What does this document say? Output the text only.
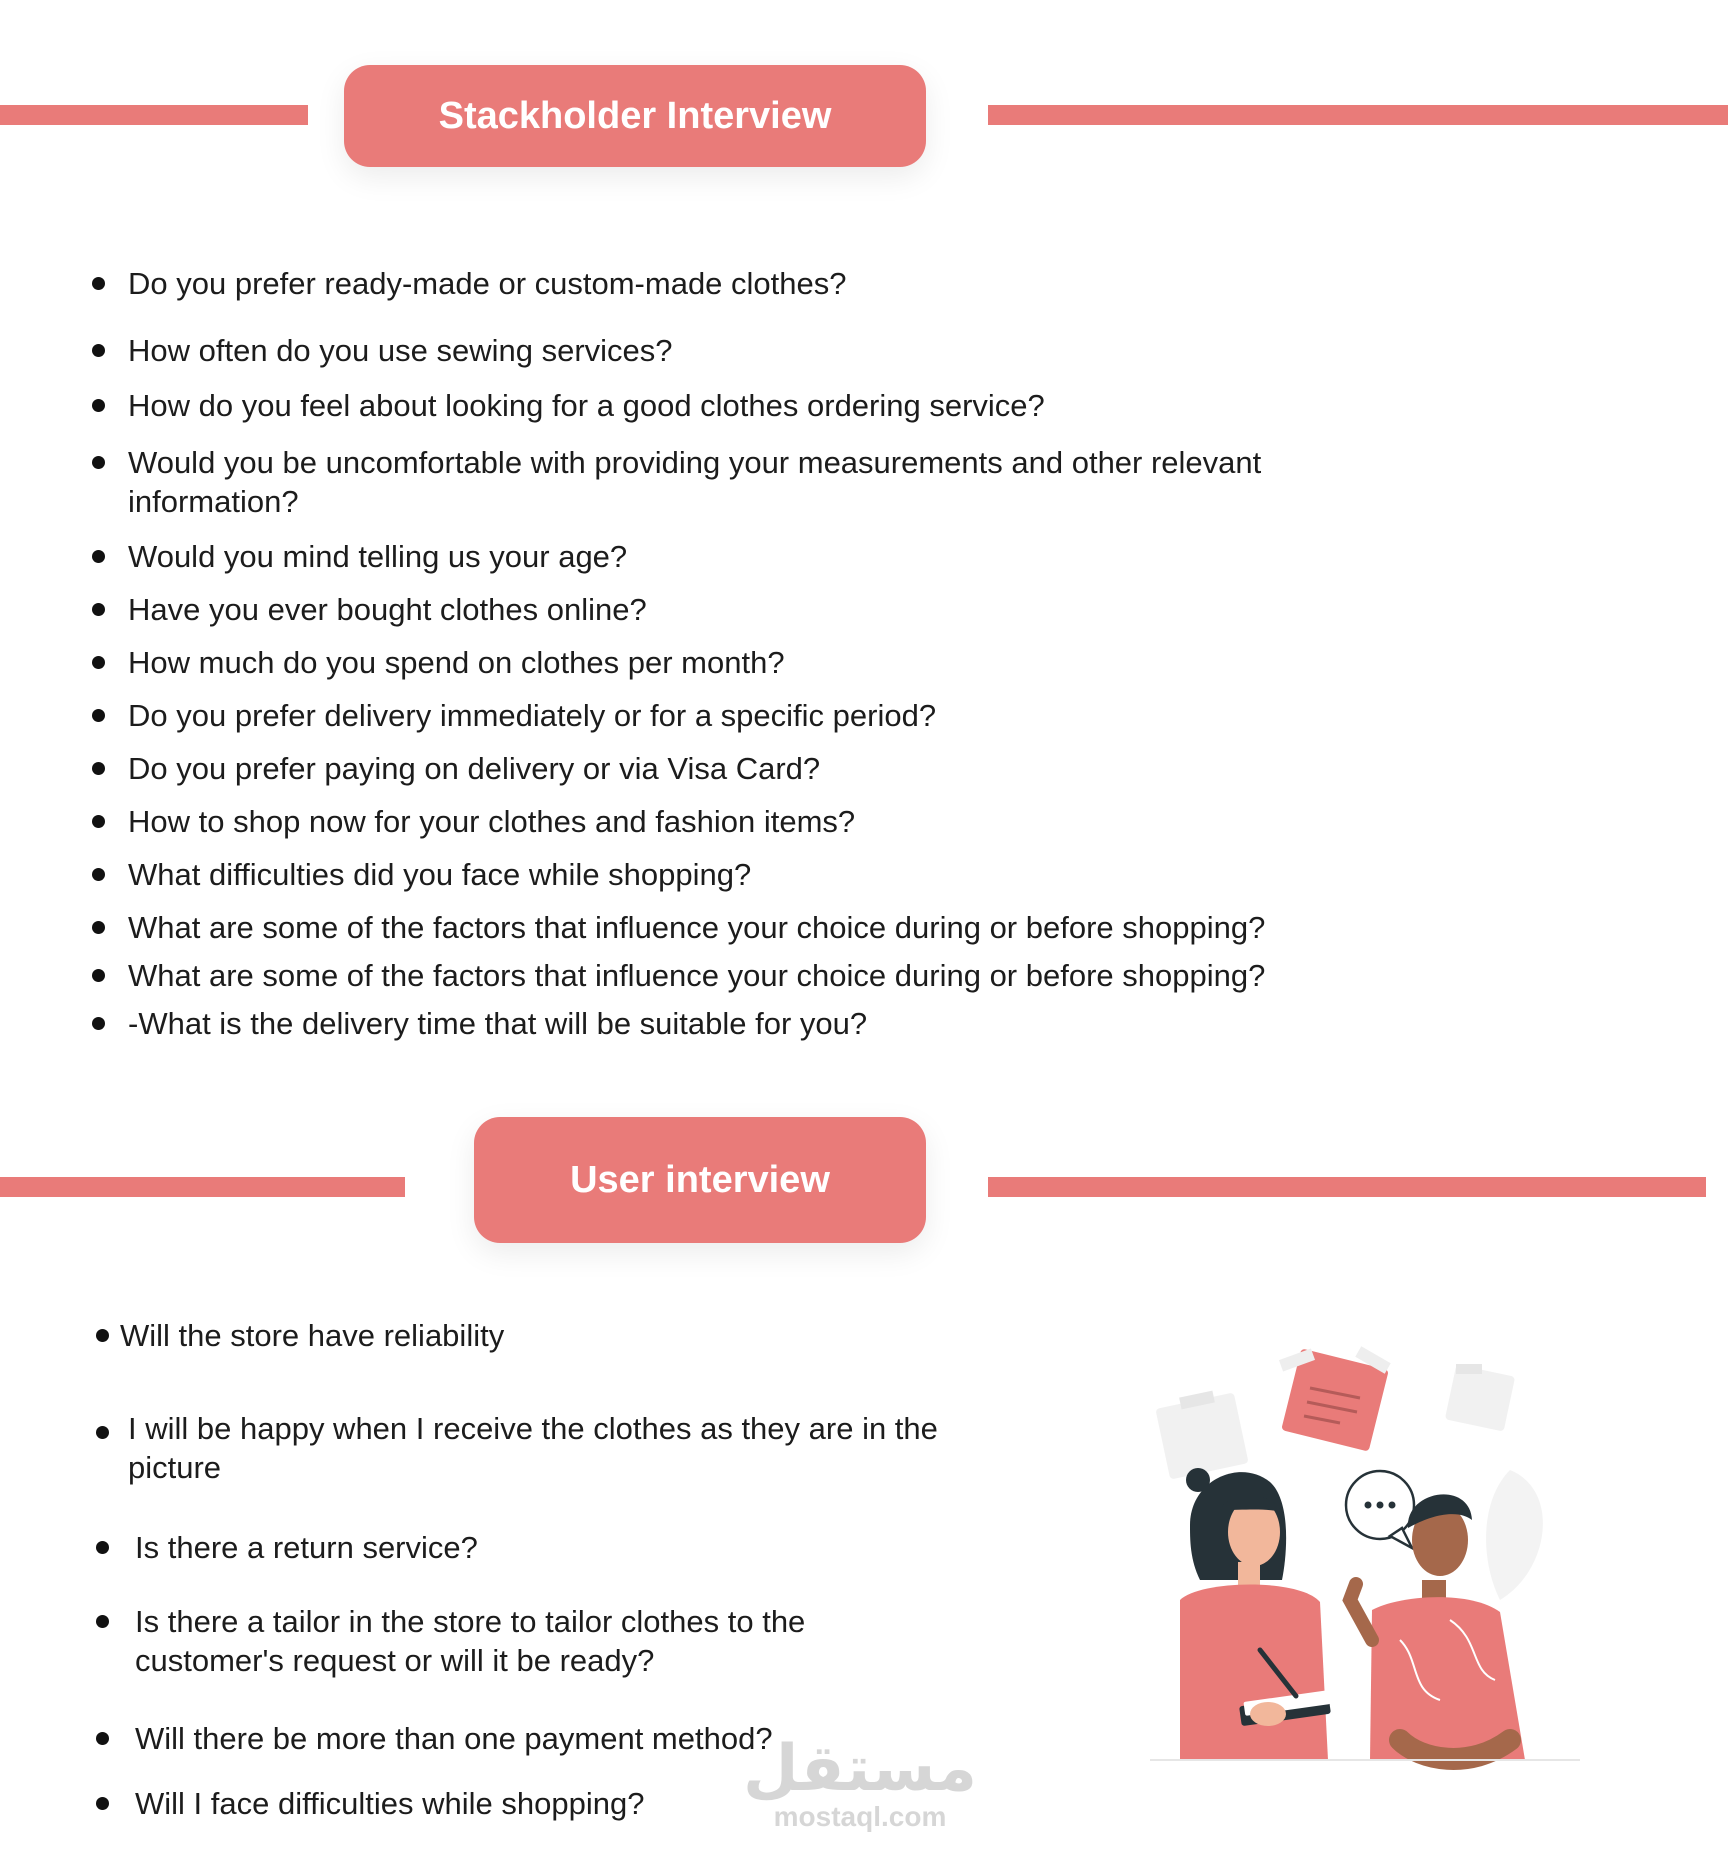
Stackholder Interview
Do you prefer ready-made or custom-made clothes?
How often do you use sewing services?
How do you feel about looking for a good clothes ordering service?
Would you be uncomfortable with providing your measurements and other relevant information?
Would you mind telling us your age?
Have you ever bought clothes online?
How much do you spend on clothes per month?
Do you prefer delivery immediately or for a specific period?
Do you prefer paying on delivery or via Visa Card?
How to shop now for your clothes and fashion items?
What difficulties did you face while shopping?
What are some of the factors that influence your choice during or before shopping?
What are some of the factors that influence your choice during or before shopping?
-What is the delivery time that will be suitable for you?
User interview
Will the store have reliability
I will be happy when I receive the clothes as they are in the picture
Is there a return service?
Is there a tailor in the store to tailor clothes to the customer's request or will it be ready?
Will there be more than one payment method?
Will I face difficulties while shopping? مستقل
mostaql.com
